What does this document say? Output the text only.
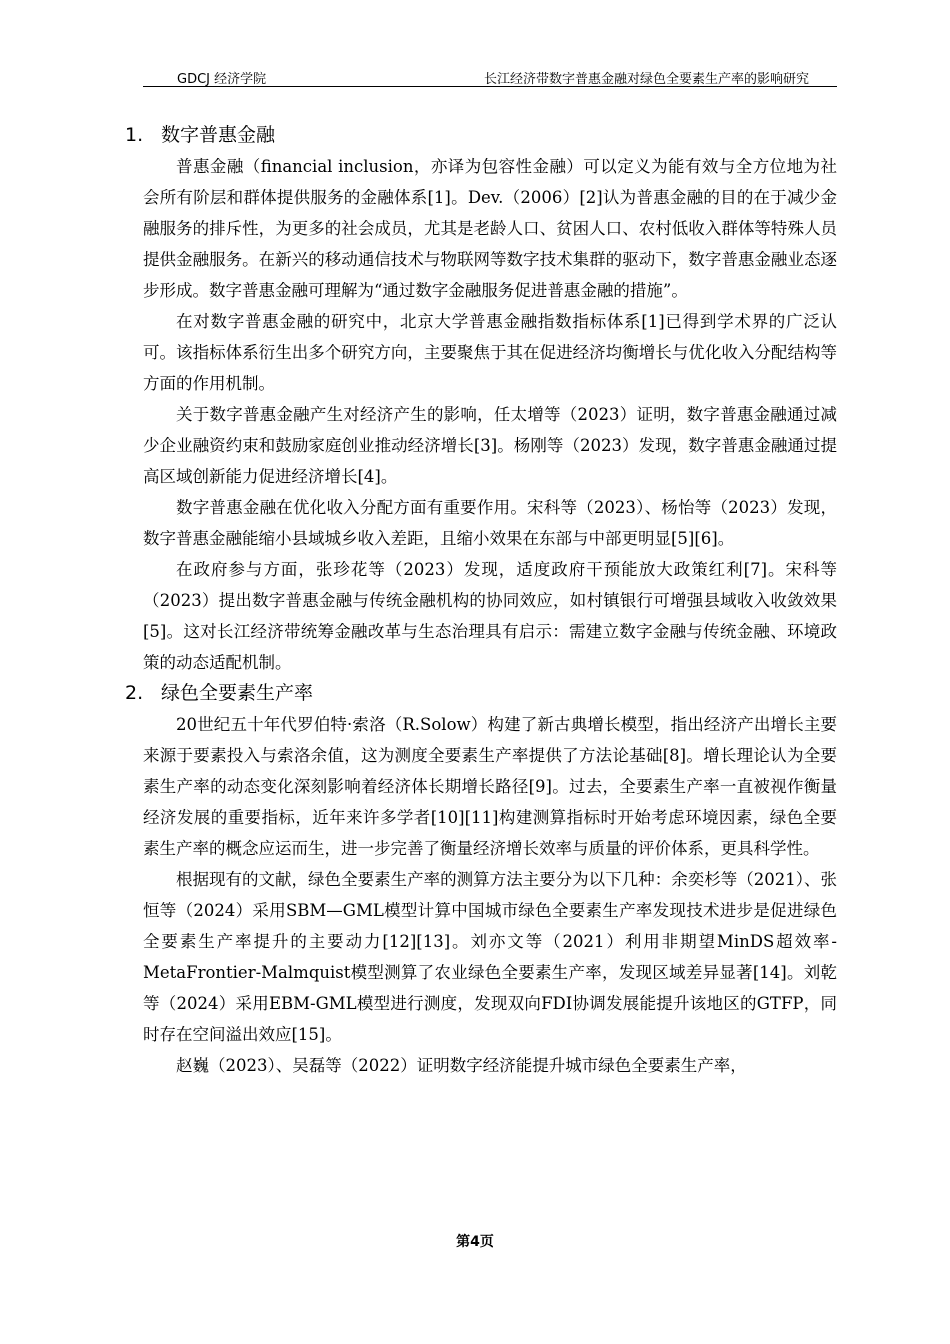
GDCJ 经济学院	长江经济带数字普惠金融对绿色全要素生产率的影响研究
1. 数字普惠金融

普惠金融（financial inclusion，亦译为包容性金融）可以定义为能有效与全方位地为社会所有阶层和群体提供服务的金融体系[1]。Dev.（2006）[2]认为普惠金融的目的在于减少金融服务的排斥性，为更多的社会成员，尤其是老龄人口、贫困人口、农村低收入群体等特殊人员提供金融服务。在新兴的移动通信技术与物联网等数字技术集群的驱动下，数字普惠金融业态逐步形成。数字普惠金融可理解为“通过数字金融服务促进普惠金融的措施”。

在对数字普惠金融的研究中，北京大学普惠金融指数指标体系[1]已得到学术界的广泛认可。该指标体系衍生出多个研究方向，主要聚焦于其在促进经济均衡增长与优化收入分配结构等方面的作用机制。

关于数字普惠金融产生对经济产生的影响，任太增等（2023）证明，数字普惠金融通过减少企业融资约束和鼓励家庭创业推动经济增长[3]。杨刚等（2023）发现，数字普惠金融通过提高区域创新能力促进经济增长[4]。

数字普惠金融在优化收入分配方面有重要作用。宋科等（2023）、杨怡等（2023）发现，数字普惠金融能缩小县域城乡收入差距，且缩小效果在东部与中部更明显[5][6]。

在政府参与方面，张珍花等（2023）发现，适度政府干预能放大政策红利[7]。宋科等（2023）提出数字普惠金融与传统金融机构的协同效应，如村镇银行可增强县域收入收敛效果[5]。这对长江经济带统筹金融改革与生态治理具有启示：需建立数字金融与传统金融、环境政策的动态适配机制。

2. 绿色全要素生产率

20世纪五十年代罗伯特·索洛（R.Solow）构建了新古典增长模型，指出经济产出增长主要来源于要素投入与索洛余值，这为测度全要素生产率提供了方法论基础[8]。增长理论认为全要素生产率的动态变化深刻影响着经济体长期增长路径[9]。过去，全要素生产率一直被视作衡量经济发展的重要指标，近年来许多学者[10][11]构建测算指标时开始考虑环境因素，绿色全要素生产率的概念应运而生，进一步完善了衡量经济增长效率与质量的评价体系，更具科学性。

根据现有的文献，绿色全要素生产率的测算方法主要分为以下几种：余奕杉等（2021）、张恒等（2024）采用SBM—GML模型计算中国城市绿色全要素生产率发现技术进步是促进绿色全要素生产率提升的主要动力[12][13]。刘亦文等（2021）利用非期望MinDS超效率-MetaFrontier-Malmquist模型测算了农业绿色全要素生产率，发现区域差异显著[14]。刘乾等（2024）采用EBM-GML模型进行测度，发现双向FDI协调发展能提升该地区的GTFP，同时存在空间溢出效应[15]。

赵巍（2023）、吴磊等（2022）证明数字经济能提升城市绿色全要素生产率，

第4页
